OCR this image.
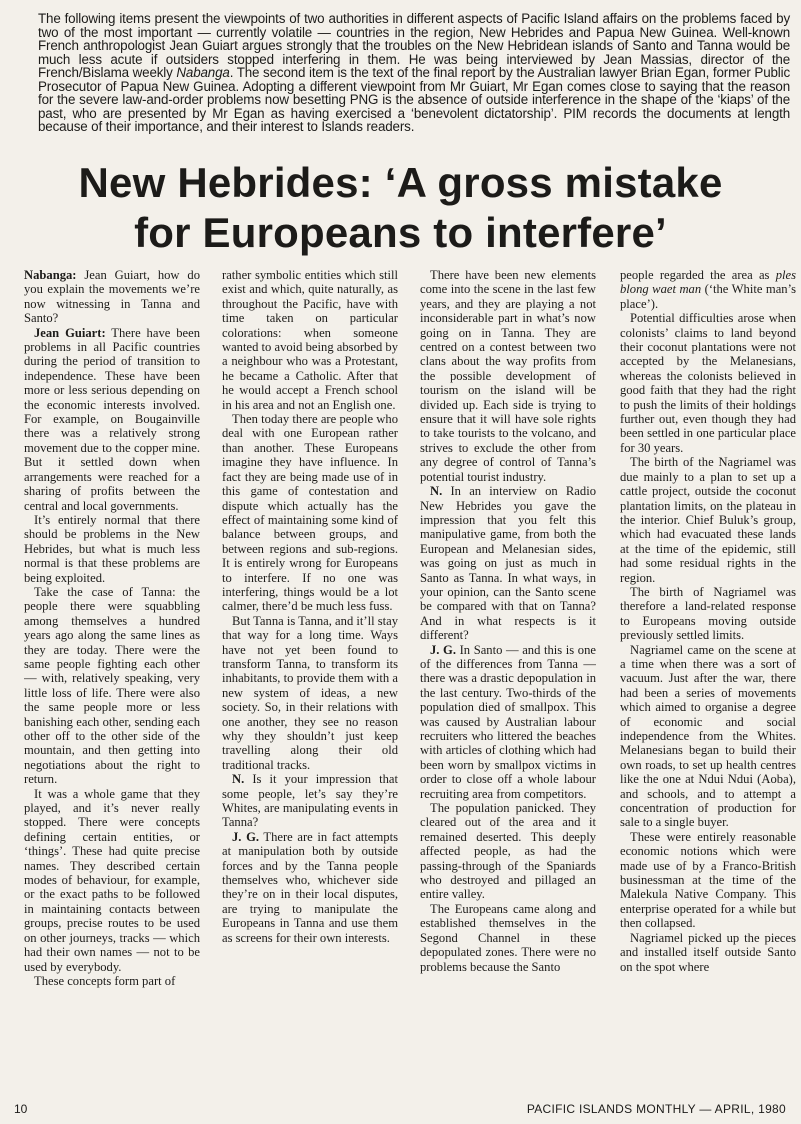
The following items present the viewpoints of two authorities in different aspects of Pacific Island affairs on the problems faced by two of the most important — currently volatile — countries in the region, New Hebrides and Papua New Guinea. Well-known French anthropologist Jean Guiart argues strongly that the troubles on the New Hebridean islands of Santo and Tanna would be much less acute if outsiders stopped interfering in them. He was being interviewed by Jean Massias, director of the French/Bislama weekly Nabanga. The second item is the text of the final report by the Australian lawyer Brian Egan, former Public Prosecutor of Papua New Guinea. Adopting a different viewpoint from Mr Guiart, Mr Egan comes close to saying that the reason for the severe law-and-order problems now besetting PNG is the absence of outside interference in the shape of the ‘kiaps’ of the past, who are presented by Mr Egan as having exercised a ‘benevolent dictatorship’. PIM records the documents at length because of their importance, and their interest to Islands readers.

New Hebrides: ‘A gross mistake
for Europeans to interfere’

Nabanga: Jean Guiart, how do you explain the movements we’re now witnessing in Tanna and Santo?

Jean Guiart: There have been problems in all Pacific countries during the period of transition to independence. These have been more or less serious depending on the economic interests involved. For example, on Bougainville there was a relatively strong movement due to the copper mine. But it settled down when arrangements were reached for a sharing of profits between the central and local governments.

It’s entirely normal that there should be problems in the New Hebrides, but what is much less normal is that these problems are being exploited.

Take the case of Tanna: the people there were squabbling among themselves a hundred years ago along the same lines as they are today. There were the same people fighting each other — with, relatively speaking, very little loss of life. There were also the same people more or less banishing each other, sending each other off to the other side of the mountain, and then getting into negotiations about the right to return.

It was a whole game that they played, and it’s never really stopped. There were concepts defining certain entities, or ‘things’. These had quite precise names. They described certain modes of behaviour, for example, or the exact paths to be followed in maintaining contacts between groups, precise routes to be used on other journeys, tracks — which had their own names — not to be used by everybody.

These concepts form part of

rather symbolic entities which still exist and which, quite naturally, as throughout the Pacific, have with time taken on particular colorations: when someone wanted to avoid being absorbed by a neighbour who was a Protestant, he became a Catholic. After that he would accept a French school in his area and not an English one.

Then today there are people who deal with one European rather than another. These Europeans imagine they have influence. In fact they are being made use of in this game of contestation and dispute which actually has the effect of maintaining some kind of balance between groups, and between regions and sub-regions. It is entirely wrong for Europeans to interfere. If no one was interfering, things would be a lot calmer, there’d be much less fuss.

But Tanna is Tanna, and it’ll stay that way for a long time. Ways have not yet been found to transform Tanna, to transform its inhabitants, to provide them with a new system of ideas, a new society. So, in their relations with one another, they see no reason why they shouldn’t just keep travelling along their old traditional tracks.

N. Is it your impression that some people, let’s say they’re Whites, are manipulating events in Tanna?

J. G. There are in fact attempts at manipulation both by outside forces and by the Tanna people themselves who, whichever side they’re on in their local disputes, are trying to manipulate the Europeans in Tanna and use them as screens for their own interests.

There have been new elements come into the scene in the last few years, and they are playing a not inconsiderable part in what’s now going on in Tanna. They are centred on a contest between two clans about the way profits from the possible development of tourism on the island will be divided up. Each side is trying to ensure that it will have sole rights to take tourists to the volcano, and strives to exclude the other from any degree of control of Tanna’s potential tourist industry.

N. In an interview on Radio New Hebrides you gave the impression that you felt this manipulative game, from both the European and Melanesian sides, was going on just as much in Santo as Tanna. In what ways, in your opinion, can the Santo scene be compared with that on Tanna? And in what respects is it different?

J. G. In Santo — and this is one of the differences from Tanna — there was a drastic depopulation in the last century. Two-thirds of the population died of smallpox. This was caused by Australian labour recruiters who littered the beaches with articles of clothing which had been worn by smallpox victims in order to close off a whole labour recruiting area from competitors.

The population panicked. They cleared out of the area and it remained deserted. This deeply affected people, as had the passing-through of the Spaniards who destroyed and pillaged an entire valley.

The Europeans came along and established themselves in the Segond Channel in these depopulated zones. There were no problems because the Santo

people regarded the area as ples blong waet man (‘the White man’s place’).

Potential difficulties arose when colonists’ claims to land beyond their coconut plantations were not accepted by the Melanesians, whereas the colonists believed in good faith that they had the right to push the limits of their holdings further out, even though they had been settled in one particular place for 30 years.

The birth of the Nagriamel was due mainly to a plan to set up a cattle project, outside the coconut plantation limits, on the plateau in the interior. Chief Buluk’s group, which had evacuated these lands at the time of the epidemic, still had some residual rights in the region.

The birth of Nagriamel was therefore a land-related response to Europeans moving outside previously settled limits.

Nagriamel came on the scene at a time when there was a sort of vacuum. Just after the war, there had been a series of movements which aimed to organise a degree of economic and social independence from the Whites. Melanesians began to build their own roads, to set up health centres like the one at Ndui Ndui (Aoba), and schools, and to attempt a concentration of production for sale to a single buyer.

These were entirely reasonable economic notions which were made use of by a Franco-British businessman at the time of the Malekula Native Company. This enterprise operated for a while but then collapsed.

Nagriamel picked up the pieces and installed itself outside Santo on the spot where

10	PACIFIC ISLANDS MONTHLY — APRIL, 1980
